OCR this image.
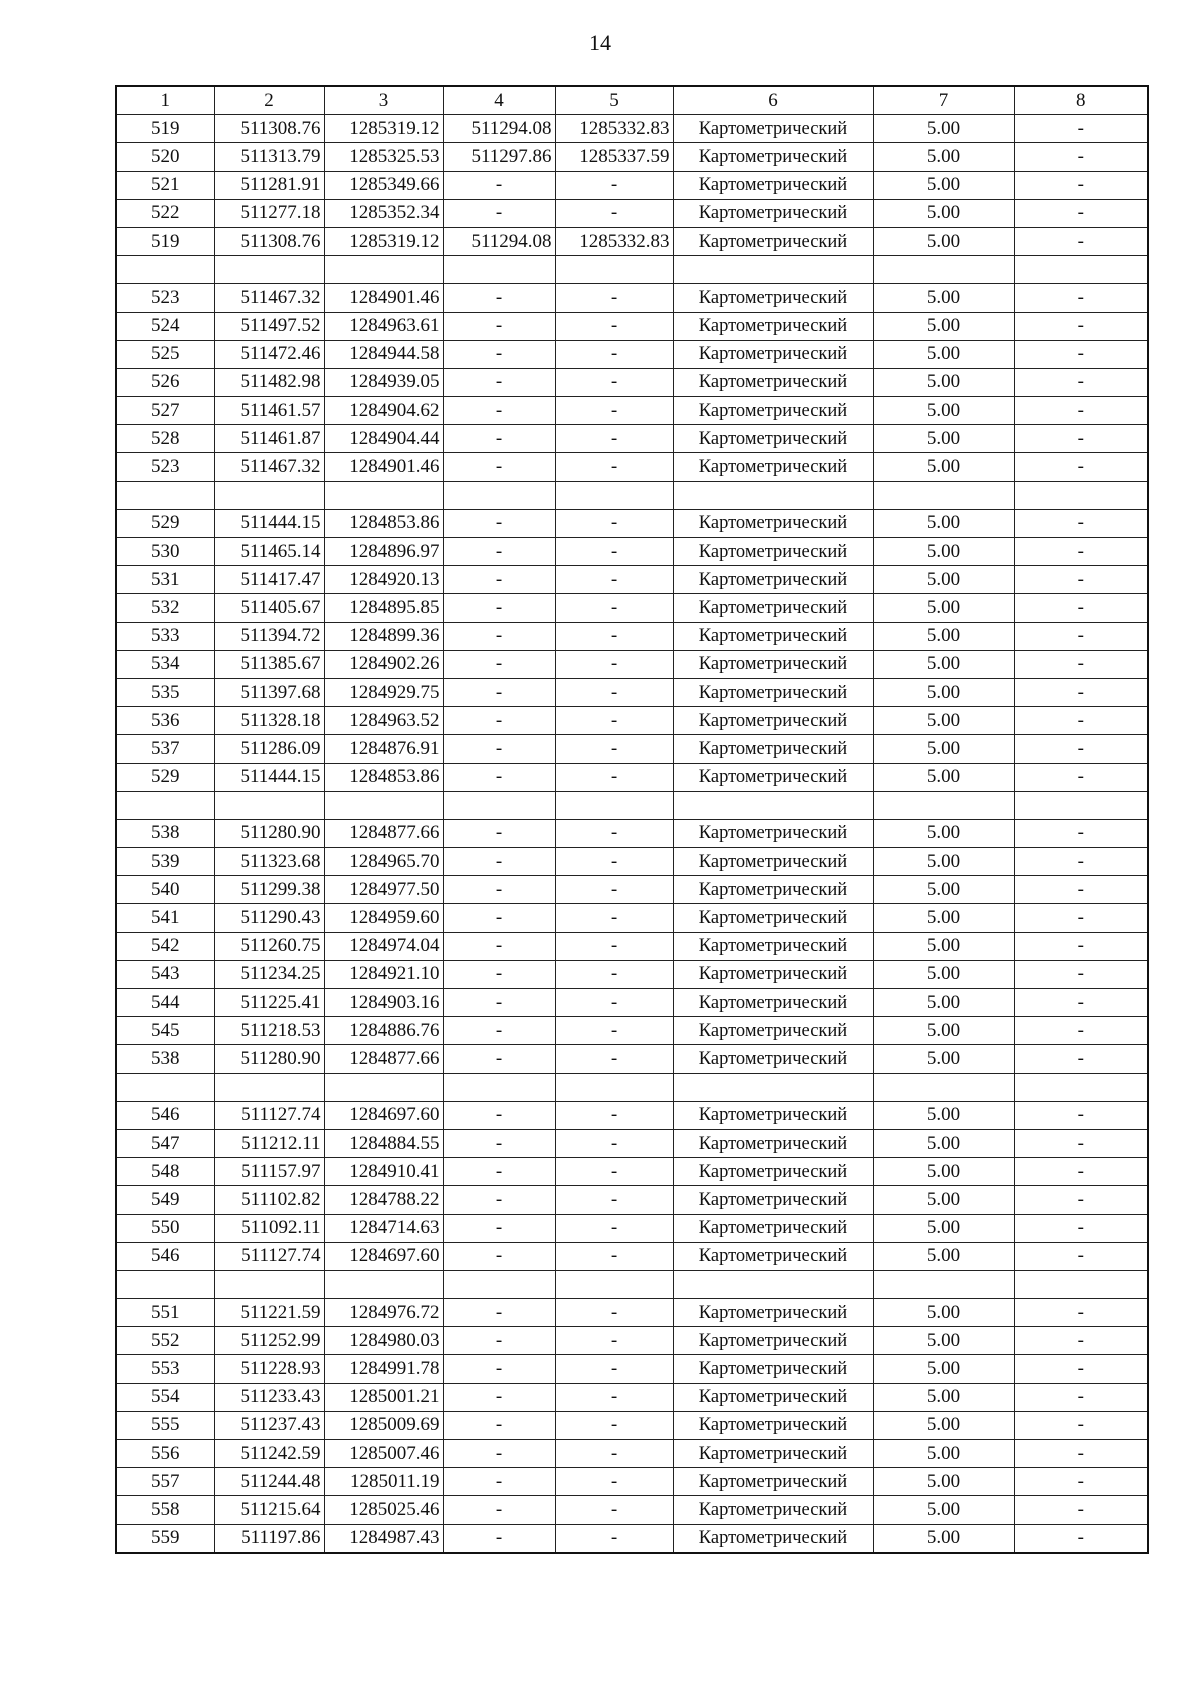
14
1	2	3	4	5	6	7	8
519	511308.76	1285319.12	511294.08	1285332.83	Картометрический	5.00	-
520	511313.79	1285325.53	511297.86	1285337.59	Картометрический	5.00	-
521	511281.91	1285349.66	-	-	Картометрический	5.00	-
522	511277.18	1285352.34	-	-	Картометрический	5.00	-
519	511308.76	1285319.12	511294.08	1285332.83	Картометрический	5.00	-

523	511467.32	1284901.46	-	-	Картометрический	5.00	-
524	511497.52	1284963.61	-	-	Картометрический	5.00	-
525	511472.46	1284944.58	-	-	Картометрический	5.00	-
526	511482.98	1284939.05	-	-	Картометрический	5.00	-
527	511461.57	1284904.62	-	-	Картометрический	5.00	-
528	511461.87	1284904.44	-	-	Картометрический	5.00	-
523	511467.32	1284901.46	-	-	Картометрический	5.00	-

529	511444.15	1284853.86	-	-	Картометрический	5.00	-
530	511465.14	1284896.97	-	-	Картометрический	5.00	-
531	511417.47	1284920.13	-	-	Картометрический	5.00	-
532	511405.67	1284895.85	-	-	Картометрический	5.00	-
533	511394.72	1284899.36	-	-	Картометрический	5.00	-
534	511385.67	1284902.26	-	-	Картометрический	5.00	-
535	511397.68	1284929.75	-	-	Картометрический	5.00	-
536	511328.18	1284963.52	-	-	Картометрический	5.00	-
537	511286.09	1284876.91	-	-	Картометрический	5.00	-
529	511444.15	1284853.86	-	-	Картометрический	5.00	-

538	511280.90	1284877.66	-	-	Картометрический	5.00	-
539	511323.68	1284965.70	-	-	Картометрический	5.00	-
540	511299.38	1284977.50	-	-	Картометрический	5.00	-
541	511290.43	1284959.60	-	-	Картометрический	5.00	-
542	511260.75	1284974.04	-	-	Картометрический	5.00	-
543	511234.25	1284921.10	-	-	Картометрический	5.00	-
544	511225.41	1284903.16	-	-	Картометрический	5.00	-
545	511218.53	1284886.76	-	-	Картометрический	5.00	-
538	511280.90	1284877.66	-	-	Картометрический	5.00	-

546	511127.74	1284697.60	-	-	Картометрический	5.00	-
547	511212.11	1284884.55	-	-	Картометрический	5.00	-
548	511157.97	1284910.41	-	-	Картометрический	5.00	-
549	511102.82	1284788.22	-	-	Картометрический	5.00	-
550	511092.11	1284714.63	-	-	Картометрический	5.00	-
546	511127.74	1284697.60	-	-	Картометрический	5.00	-

551	511221.59	1284976.72	-	-	Картометрический	5.00	-
552	511252.99	1284980.03	-	-	Картометрический	5.00	-
553	511228.93	1284991.78	-	-	Картометрический	5.00	-
554	511233.43	1285001.21	-	-	Картометрический	5.00	-
555	511237.43	1285009.69	-	-	Картометрический	5.00	-
556	511242.59	1285007.46	-	-	Картометрический	5.00	-
557	511244.48	1285011.19	-	-	Картометрический	5.00	-
558	511215.64	1285025.46	-	-	Картометрический	5.00	-
559	511197.86	1284987.43	-	-	Картометрический	5.00	-
